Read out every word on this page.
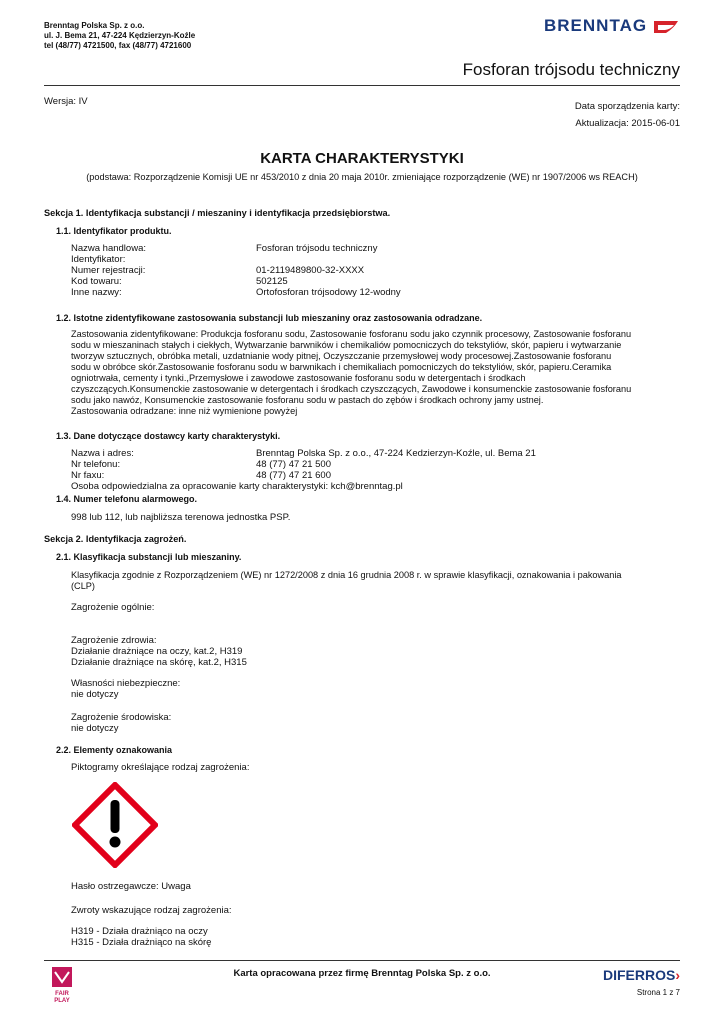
Brenntag Polska Sp. z o.o.
ul. J. Bema 21, 47-224 Kędzierzyn-Koźle
tel (48/77) 4721500, fax (48/77) 4721600
BRENNTAG
Fosforan trójsodu techniczny
Wersja: IV	Data sporządzenia karty:
Aktualizacja: 2015-06-01
KARTA CHARAKTERYSTYKI
(podstawa: Rozporządzenie Komisji UE nr 453/2010 z dnia 20 maja 2010r. zmieniające rozporządzenie (WE) nr 1907/2006 ws REACH)
Sekcja 1. Identyfikacja substancji / mieszaniny i identyfikacja przedsiębiorstwa.
1.1. Identyfikator produktu.
Nazwa handlowa:	Fosforan trójsodu techniczny
Identyfikator:
Numer rejestracji:	01-2119489800-32-XXXX
Kod towaru:	502125
Inne nazwy:	Ortofosforan trójsodowy 12-wodny
1.2. Istotne zidentyfikowane zastosowania substancji lub mieszaniny oraz zastosowania odradzane.
Zastosowania zidentyfikowane: Produkcja fosforanu sodu, Zastosowanie fosforanu sodu jako czynnik procesowy, Zastosowanie fosforanu
sodu w mieszaninach stałych i ciekłych, Wytwarzanie barwników i chemikaliów pomocniczych do tekstyliów, skór, papieru i wytwarzanie
tworzyw sztucznych, obróbka metali, uzdatnianie wody pitnej, Oczyszczanie przemysłowej wody procesowej.Zastosowanie fosforanu
sodu w obróbce skór.Zastosowanie fosforanu sodu w barwnikach i chemikaliach pomocniczych do tekstyliów, skór, papieru.Ceramika
ogniotrwała, cementy i tynki.,Przemysłowe i zawodowe zastosowanie fosforanu sodu w detergentach i środkach
czyszczących.Konsumenckie zastosowanie w detergentach i środkach czyszczących, Zawodowe i konsumenckie zastosowanie fosforanu
sodu jako nawóz, Konsumenckie zastosowanie fosforanu sodu w pastach do zębów i środkach ochrony jamy ustnej.
Zastosowania odradzane: inne niż wymienione powyżej
1.3. Dane dotyczące dostawcy karty charakterystyki.
Nazwa i adres:	Brenntag Polska Sp. z o.o., 47-224 Kedzierzyn-Koźle, ul. Bema 21
Nr telefonu:	48 (77) 47 21 500
Nr faxu:	48 (77) 47 21 600
Osoba odpowiedzialna za opracowanie karty charakterystyki: kch@brenntag.pl
1.4. Numer telefonu alarmowego.
998 lub 112, lub najbliższa terenowa jednostka PSP.
Sekcja 2. Identyfikacja zagrożeń.
2.1. Klasyfikacja substancji lub mieszaniny.
Klasyfikacja zgodnie z Rozporządzeniem (WE) nr 1272/2008 z dnia 16 grudnia 2008 r. w sprawie klasyfikacji, oznakowania i pakowania
(CLP)
Zagrożenie ogólnie:
Zagrożenie zdrowia:
Działanie drażniące na oczy, kat.2, H319
Działanie drażniące na skórę, kat.2, H315
Własności niebezpieczne:
nie dotyczy
Zagrożenie środowiska:
nie dotyczy
2.2. Elementy oznakowania
Piktogramy określające rodzaj zagrożenia:
Hasło ostrzegawcze: Uwaga
Zwroty wskazujące rodzaj zagrożenia:
H319 - Działa drażniąco na oczy
H315 - Działa drażniąco na skórę
FAIR PLAY
Karta opracowana przez firmę Brenntag Polska Sp. z o.o.	DIFERROS›
Strona 1 z 7
